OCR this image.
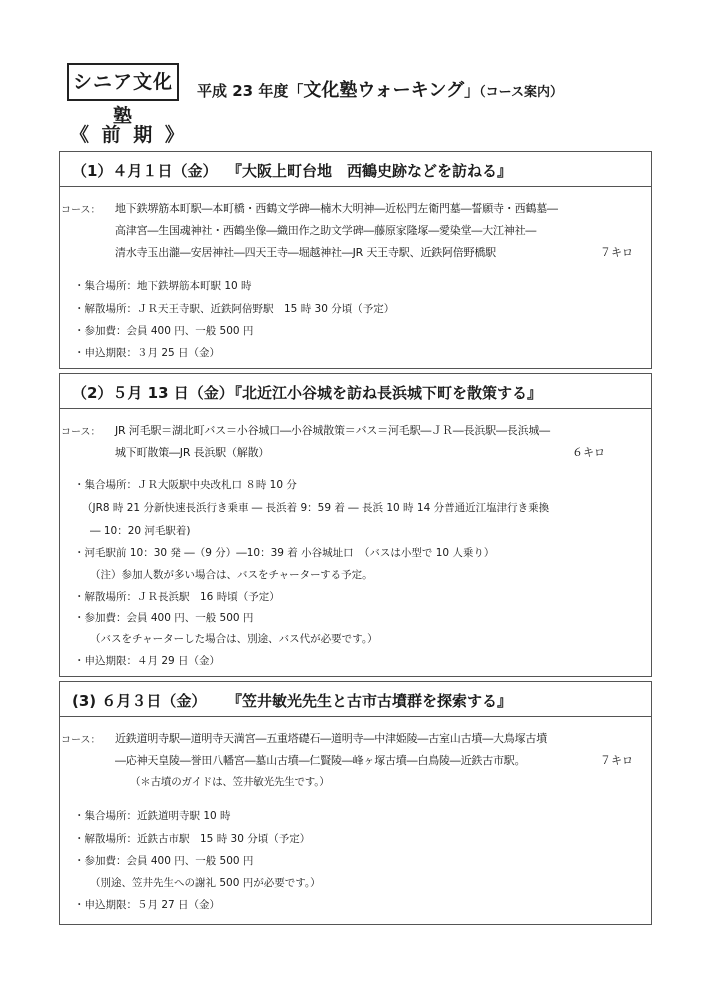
シニア文化塾
平成 23 年度「文化塾ウォーキング」（コース案内）
《 前 期 》
（1）４月１日（金） 『大阪上町台地　西鶴史跡などを訪ねる』
コース： 地下鉄堺筋本町駅―本町橋・西鶴文学碑―楠木大明神―近松門左衛門墓―誓願寺・西鶴墓―
高津宮―生国魂神社・西鶴坐像―織田作之助文学碑―藤原家隆塚―愛染堂―大江神社―
清水寺玉出瀧―安居神社―四天王寺―堀越神社―JR 天王寺駅、近鉄阿倍野橋駅	７キロ
・集合場所：地下鉄堺筋本町駅 10 時
・解散場所：ＪＲ天王寺駅、近鉄阿倍野駅　15 時 30 分頃（予定）
・参加費：会員 400 円、一般 500 円
・申込期限：３月 25 日（金）
（2）５月 13 日（金）『北近江小谷城を訪ね長浜城下町を散策する』
コース： JR 河毛駅＝湖北町バス＝小谷城口―小谷城散策＝バス＝河毛駅―ＪＲ―長浜駅―長浜城―
城下町散策―JR 長浜駅（解散）	６キロ
・集合場所：ＪＲ大阪駅中央改札口 ８時 10 分
（JR8 時 21 分新快速長浜行き乗車 ― 長浜着 9：59 着 ― 長浜 10 時 14 分普通近江塩津行き乗換
― 10：20 河毛駅着)
・河毛駅前 10：30 発 ―（9 分）―10：39 着 小谷城址口　（バスは小型で 10 人乗り）
（注）参加人数が多い場合は、バスをチャーターする予定。
・解散場所：ＪＲ長浜駅　16 時頃（予定）
・参加費：会員 400 円、一般 500 円
（バスをチャーターした場合は、別途、バス代が必要です。）
・申込期限：４月 29 日（金）
(3) ６月３日（金） 『笠井敏光先生と古市古墳群を探索する』
コース： 近鉄道明寺駅―道明寺天満宮―五重塔礎石―道明寺―中津姫陵―古室山古墳―大鳥塚古墳
―応神天皇陵―誉田八幡宮―墓山古墳―仁賢陵―峰ヶ塚古墳―白鳥陵―近鉄古市駅。	７キロ
（＊古墳のガイドは、笠井敏光先生です。）
・集合場所：近鉄道明寺駅 10 時
・解散場所：近鉄古市駅　15 時 30 分頃（予定）
・参加費：会員 400 円、一般 500 円
（別途、笠井先生への謝礼 500 円が必要です。）
・申込期限：５月 27 日（金）
